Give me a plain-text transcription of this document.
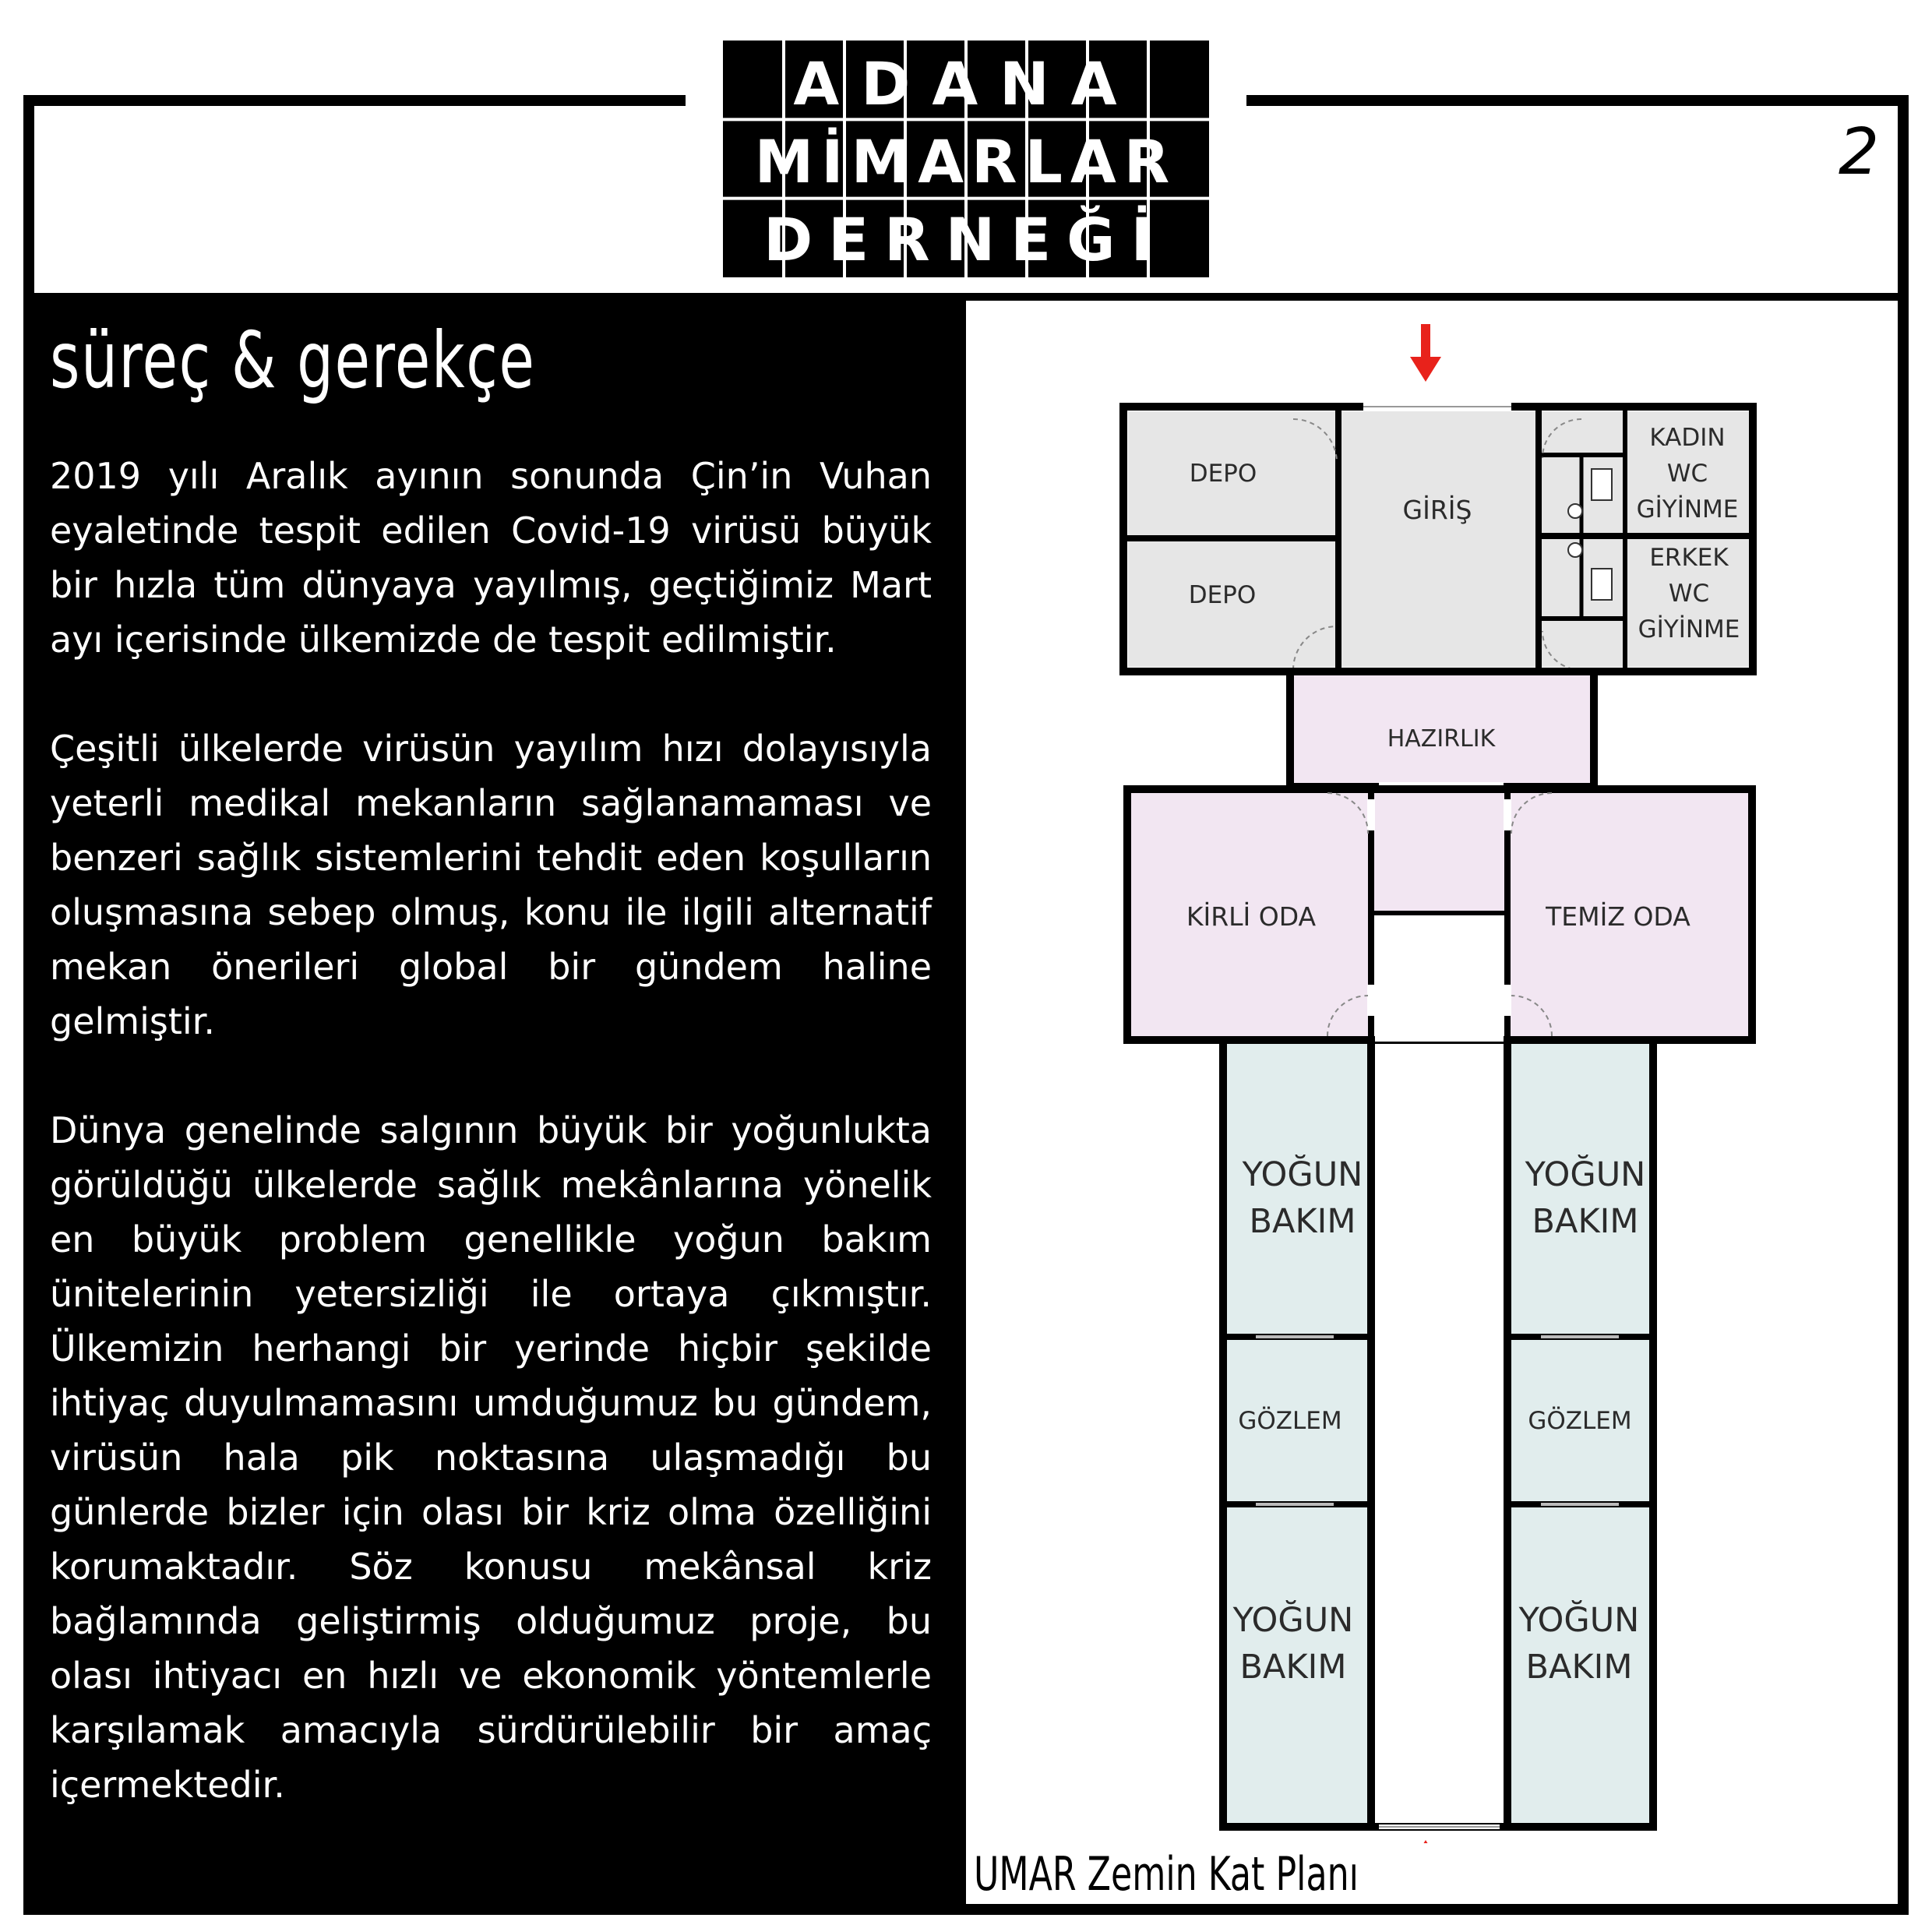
ADANA
MİMARLAR
DERNEĞİ
2
süreç & gerekçe

2019 yılı Aralık ayının sonunda Çin’in Vuhan eyaletinde tespit edilen Covid-19 virüsü büyük bir hızla tüm dünyaya yayılmış, geçtiğimiz Mart ayı içerisinde ülkemizde de tespit edilmiştir.

Çeşitli ülkelerde virüsün yayılım hızı dolayısıyla yeterli medikal mekanların sağlanamaması ve benzeri sağlık sistemlerini tehdit eden koşulların oluşmasına sebep olmuş, konu ile ilgili alternatif mekan önerileri global bir gündem haline gelmiştir.

Dünya genelinde salgının büyük bir yoğunlukta görüldüğü ülkelerde sağlık mekânlarına yönelik en büyük problem genellikle yoğun bakım ünitelerinin yetersizliği ile ortaya çıkmıştır. Ülkemizin herhangi bir yerinde hiçbir şekilde ihtiyaç duyulmamasını umduğumuz bu gündem, virüsün hala pik noktasına ulaşmadığı bu günlerde bizler için olası bir kriz olma özelliğini korumaktadır. Söz konusu mekânsal kriz bağlamında geliştirmiş olduğumuz proje, bu olası ihtiyacı en hızlı ve ekonomik yöntemlerle karşılamak amacıyla sürdürülebilir bir amaç içermektedir.

DEPO
DEPO
GİRİŞ
KADIN
WC
GİYİNME
ERKEK
WC
GİYİNME
HAZIRLIK
KİRLİ ODA	TEMİZ ODA
YOĞUN
BAKIM
YOĞUN
BAKIM
GÖZLEM	GÖZLEM
YOĞUN
BAKIM
YOĞUN
BAKIM
UMAR Zemin Kat Planı
